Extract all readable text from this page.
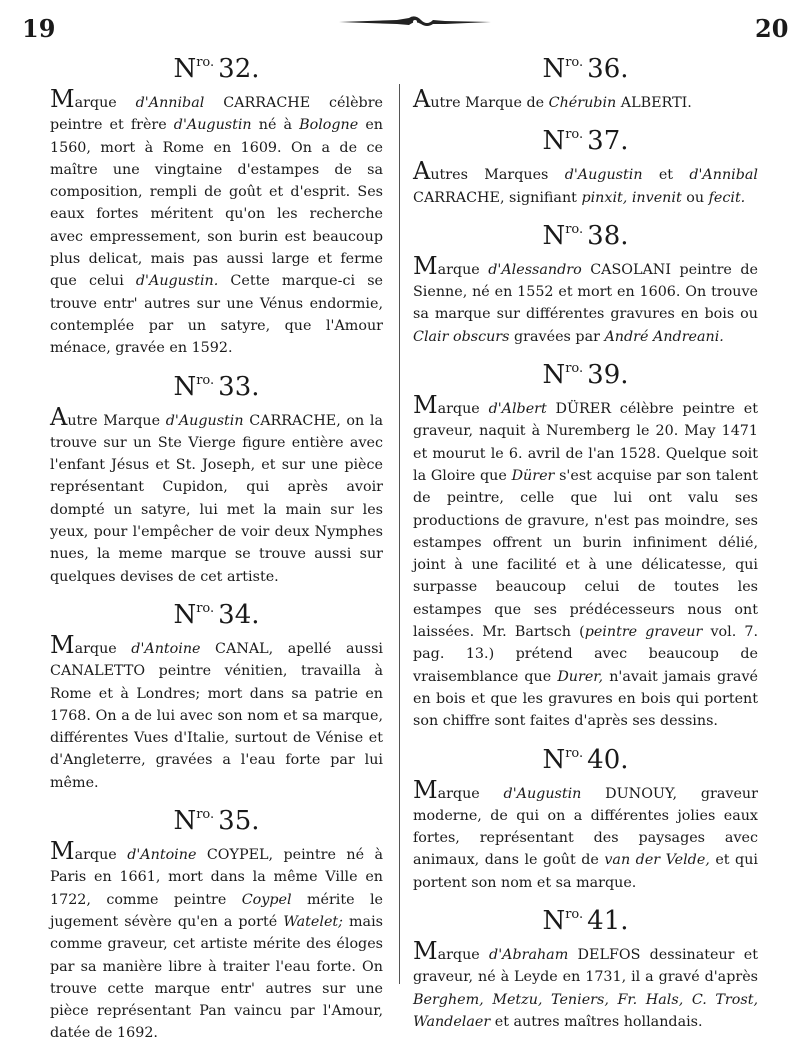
19	20
$N^{ro.}$ 32.

Marque d'Annibal CARRACHE célèbre peintre et frère d'Augustin né à Bologne en 1560, mort à Rome en 1609. On a de ce maître une vingtaine d'estampes de sa composition, rempli de goût et d'esprit. Ses eaux fortes méritent qu'on les recherche avec empressement, son burin est beaucoup plus delicat, mais pas aussi large et ferme que celui d'Augustin. Cette marque-ci se trouve entr' autres sur une Vénus endormie, contemplée par un satyre, que l'Amour ménace, gravée en 1592.

$N^{ro.}$ 33.

Autre Marque d'Augustin CARRACHE, on la trouve sur un Ste Vierge figure entière avec l'enfant Jésus et St. Joseph, et sur une pièce représentant Cupidon, qui après avoir dompté un satyre, lui met la main sur les yeux, pour l'empêcher de voir deux Nymphes nues, la meme marque se trouve aussi sur quelques devises de cet artiste.

$N^{ro.}$ 34.

Marque d'Antoine CANAL, apellé aussi CANALETTO peintre vénitien, travailla à Rome et à Londres; mort dans sa patrie en 1768. On a de lui avec son nom et sa marque, différentes Vues d'Italie, surtout de Vénise et d'Angleterre, gravées a l'eau forte par lui même.

$N^{ro.}$ 35.

Marque d'Antoine COYPEL, peintre né à Paris en 1661, mort dans la même Ville en 1722, comme peintre Coypel mérite le jugement sévère qu'en a porté Watelet; mais comme graveur, cet artiste mérite des éloges par sa manière libre à traiter l'eau forte. On trouve cette marque entr' autres sur une pièce représentant Pan vaincu par l'Amour, datée de 1692.

$N^{ro.}$ 36.

Autre Marque de Chérubin ALBERTI.

$N^{ro.}$ 37.

Autres Marques d'Augustin et d'Annibal CARRACHE, signifiant pinxit, invenit ou fecit.

$N^{ro.}$ 38.

Marque d'Alessandro CASOLANI peintre de Sienne, né en 1552 et mort en 1606. On trouve sa marque sur différentes gravures en bois ou Clair obscurs gravées par André Andreani.

$N^{ro.}$ 39.

Marque d'Albert DÜRER célèbre peintre et graveur, naquit à Nuremberg le 20. May 1471 et mourut le 6. avril de l'an 1528. Quelque soit la Gloire que Dürer s'est acquise par son talent de peintre, celle que lui ont valu ses productions de gravure, n'est pas moindre, ses estampes offrent un burin infiniment délié, joint à une facilité et à une délicatesse, qui surpasse beaucoup celui de toutes les estampes que ses prédécesseurs nous ont laissées. Mr. Bartsch (peintre graveur vol. 7. pag. 13.) prétend avec beaucoup de vraisemblance que Durer, n'avait jamais gravé en bois et que les gravures en bois qui portent son chiffre sont faites d'après ses dessins.

$N^{ro.}$ 40.

Marque d'Augustin DUNOUY, graveur moderne, de qui on a différentes jolies eaux fortes, représentant des paysages avec animaux, dans le goût de van der Velde, et qui portent son nom et sa marque.

$N^{ro.}$ 41.

Marque d'Abraham DELFOS dessinateur et graveur, né à Leyde en 1731, il a gravé d'après Berghem, Metzu, Teniers, Fr. Hals, C. Trost, Wandelaer et autres maîtres hollandais.
